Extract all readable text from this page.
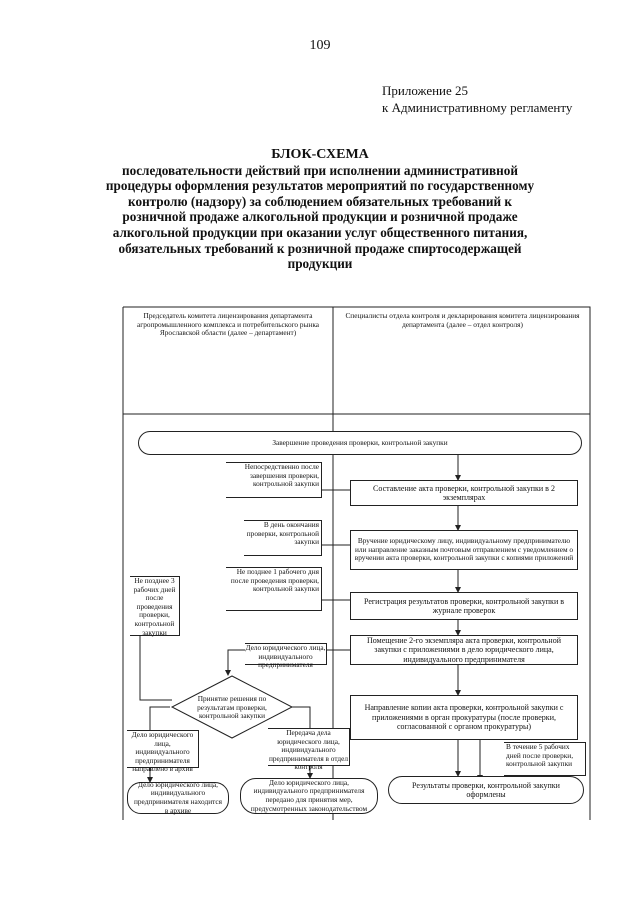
109
Приложение 25
к Административному регламенту
БЛОК-СХЕМА
последовательности действий при исполнении административной
процедуры оформления результатов мероприятий по государственному
контролю (надзору) за соблюдением обязательных требований к
розничной продаже алкогольной продукции и розничной продаже
алкогольной продукции при оказании услуг общественного питания,
обязательных требований к розничной продаже спиртосодержащей
продукции
Председатель комитета лицензирования департамента агропромышленного комплекса и потребительского рынка Ярославской области (далее – департамент)
Специалисты отдела контроля и декларирования комитета лицензирования департамента (далее – отдел контроля)
Завершение проведения проверки, контрольной закупки
Составление акта проверки, контрольной закупки в 2 экземплярах
Вручение юридическому лицу, индивидуальному предпринимателю или направление заказным почтовым отправлением с уведомлением о вручении акта проверки, контрольной закупки с копиями приложений
Регистрация результатов проверки, контрольной закупки в журнале проверок
Помещение 2-го экземпляра акта проверки, контрольной закупки с приложениями в дело юридического лица, индивидуального предпринимателя
Направление копии акта проверки, контрольной закупки с приложениями в орган прокуратуры (после проверки, согласованной с органом прокуратуры)
Непосредственно после завершения проверки, контрольной закупки
В день окончания проверки, контрольной закупки
Не позднее 1 рабочего дня после проведения проверки, контрольной закупки
Не позднее 3 рабочих дней после проведения проверки, контрольной закупки
Дело юридического лица, индивидуального предпринимателя
В течение 5 рабочих дней после проверки, контрольной закупки
Принятие решения по результатам проверки, контрольной закупки
Дело юридического лица, индивидуального предпринимателя направлено в архив
Передача дела юридического лица, индивидуального предпринимателя в отдел контроля
Дело юридического лица, индивидуального предпринимателя находится в архиве
Дело юридического лица, индивидуального предпринимателя передано для принятия мер, предусмотренных законодательством
Результаты проверки, контрольной закупки оформлены
